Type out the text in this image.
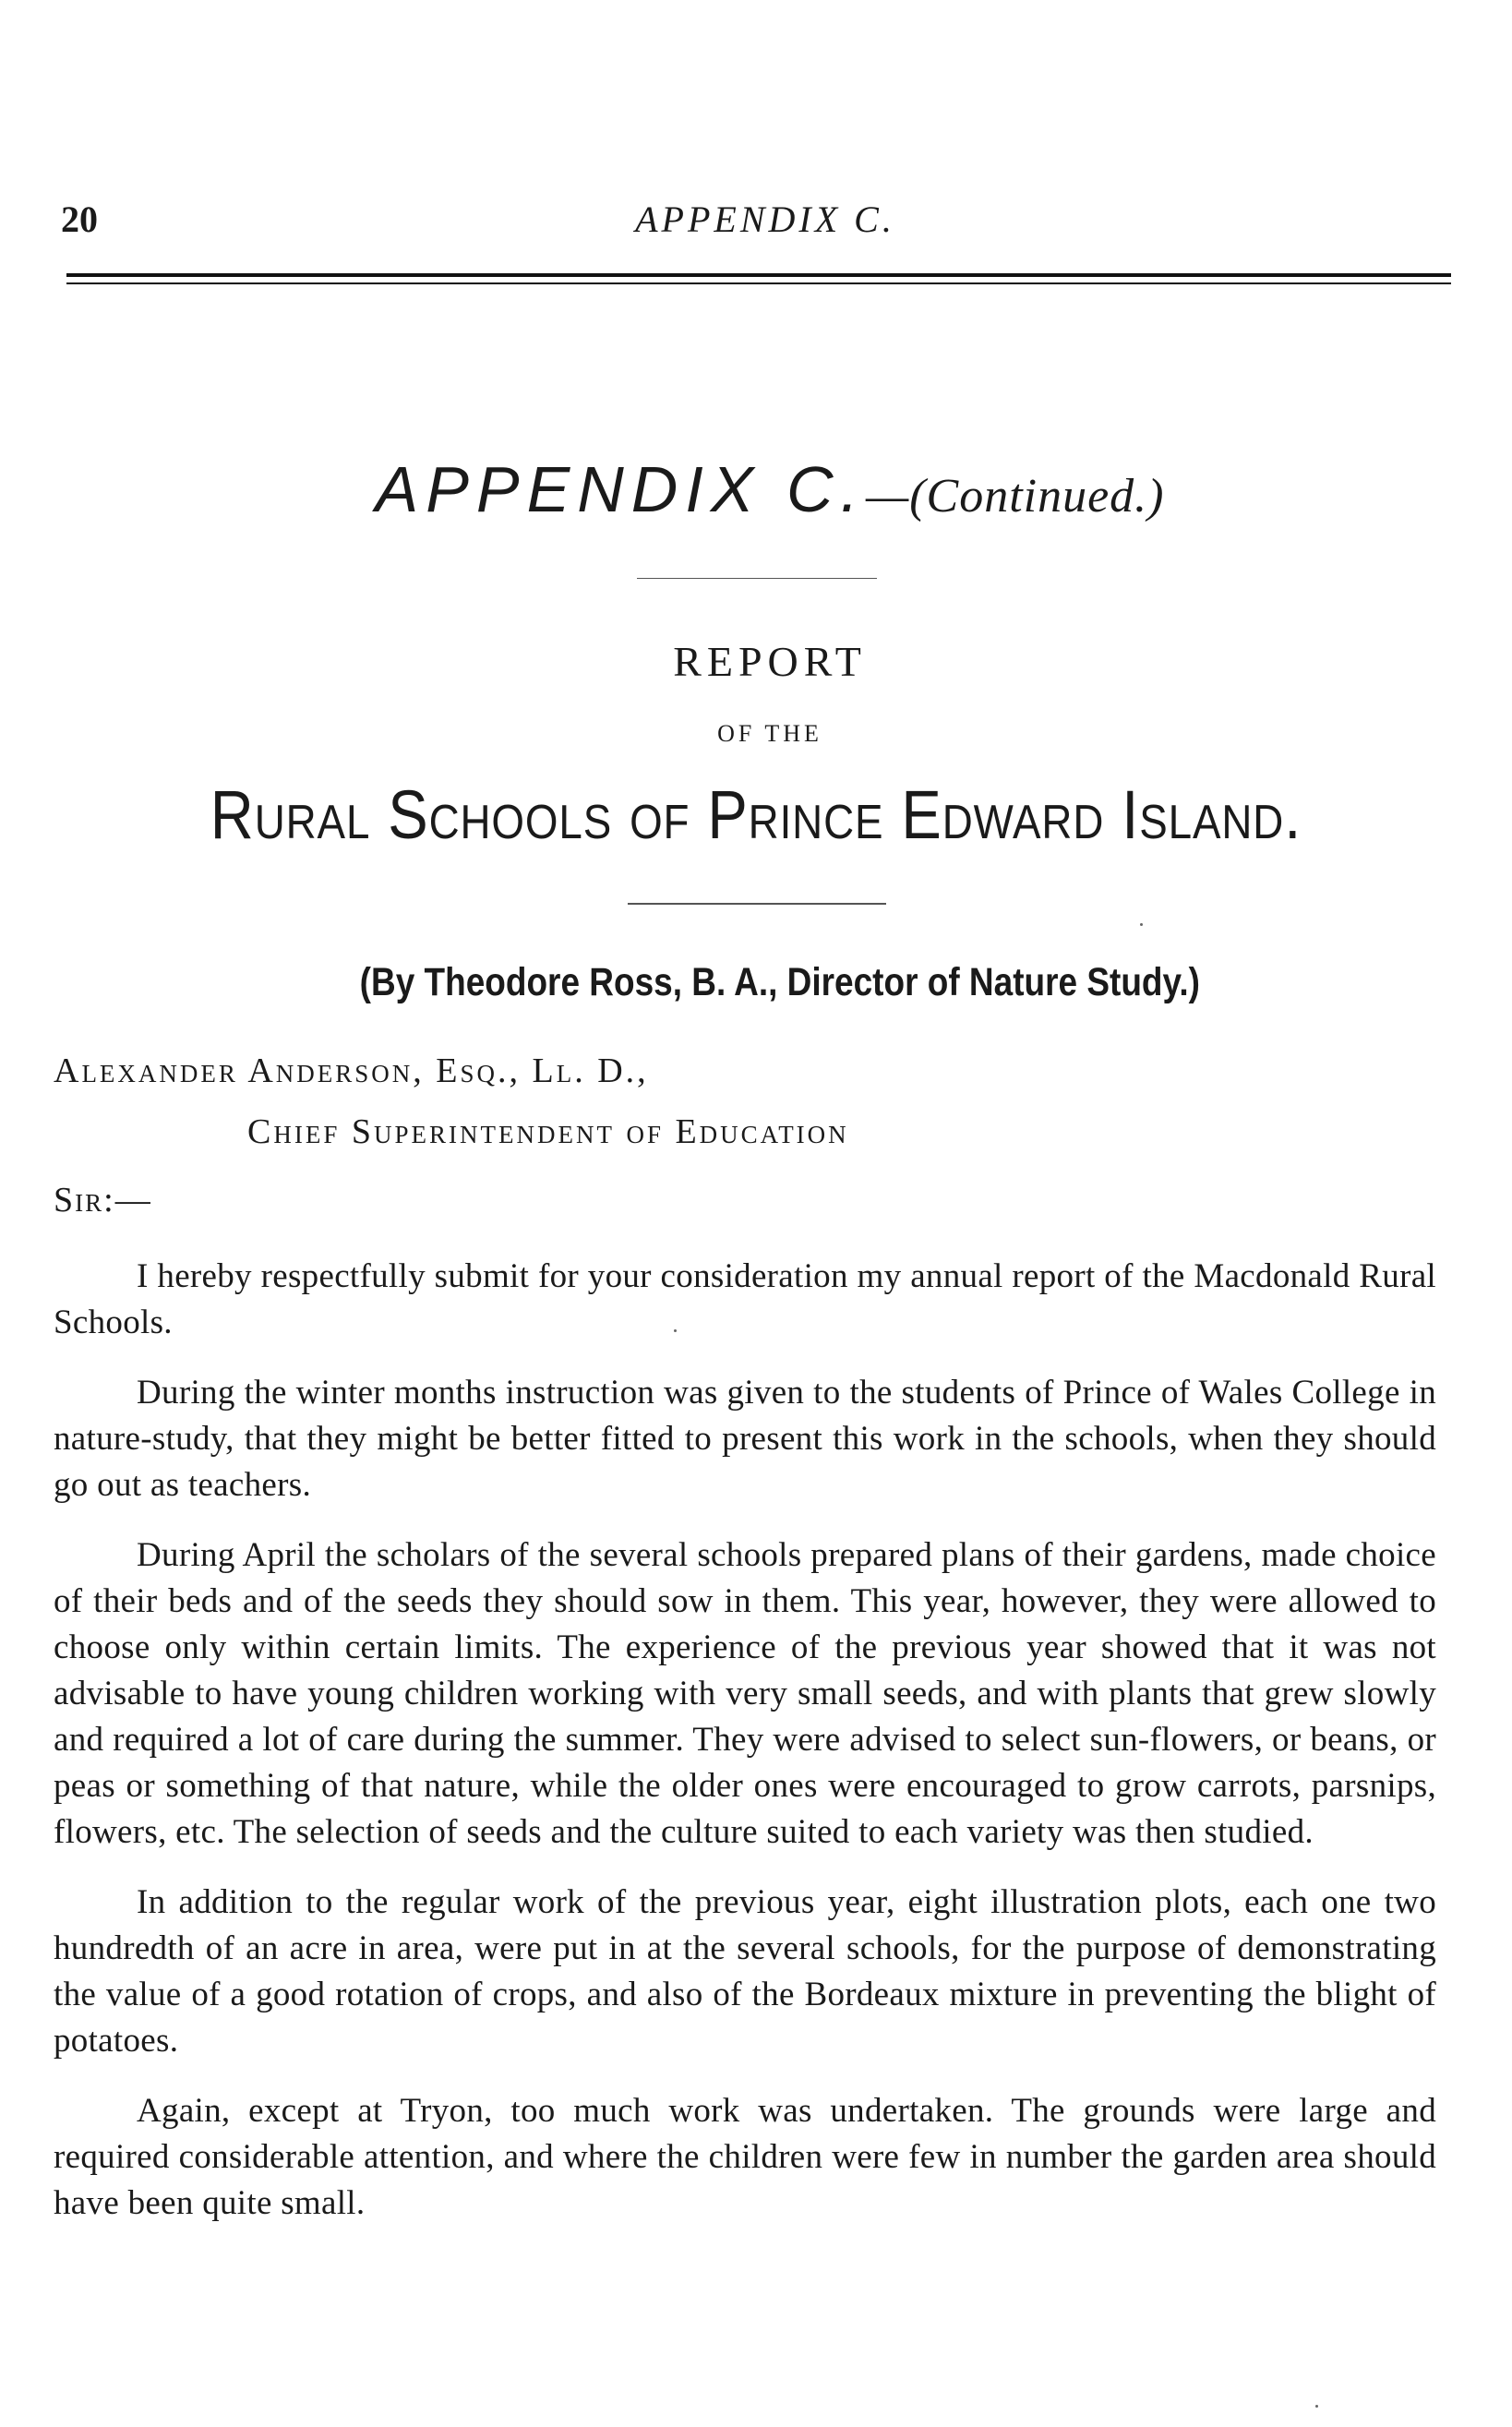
20	APPENDIX C.
APPENDIX C.—(Continued.)
REPORT
OF THE
Rural Schools of Prince Edward Island.
(By Theodore Ross, B. A., Director of Nature Study.)
Alexander Anderson, Esq., Ll. D.,
Chief Superintendent of Education
Sir:—

I hereby respectfully submit for your consideration my annual report of the Macdonald Rural Schools.

During the winter months instruction was given to the students of Prince of Wales College in nature-study, that they might be better fitted to present this work in the schools, when they should go out as teachers.

During April the scholars of the several schools prepared plans of their gardens, made choice of their beds and of the seeds they should sow in them. This year, however, they were allowed to choose only within certain limits. The experience of the previous year showed that it was not advisable to have young children working with very small seeds, and with plants that grew slowly and required a lot of care during the summer. They were advised to select sun-flowers, or beans, or peas or something of that nature, while the older ones were encouraged to grow carrots, parsnips, flowers, etc. The selection of seeds and the culture suited to each variety was then studied.

In addition to the regular work of the previous year, eight illustration plots, each one two hundredth of an acre in area, were put in at the several schools, for the purpose of demonstrating the value of a good rotation of crops, and also of the Bordeaux mixture in preventing the blight of potatoes.

Again, except at Tryon, too much work was undertaken. The grounds were large and required considerable attention, and where the children were few in number the garden area should have been quite small.
